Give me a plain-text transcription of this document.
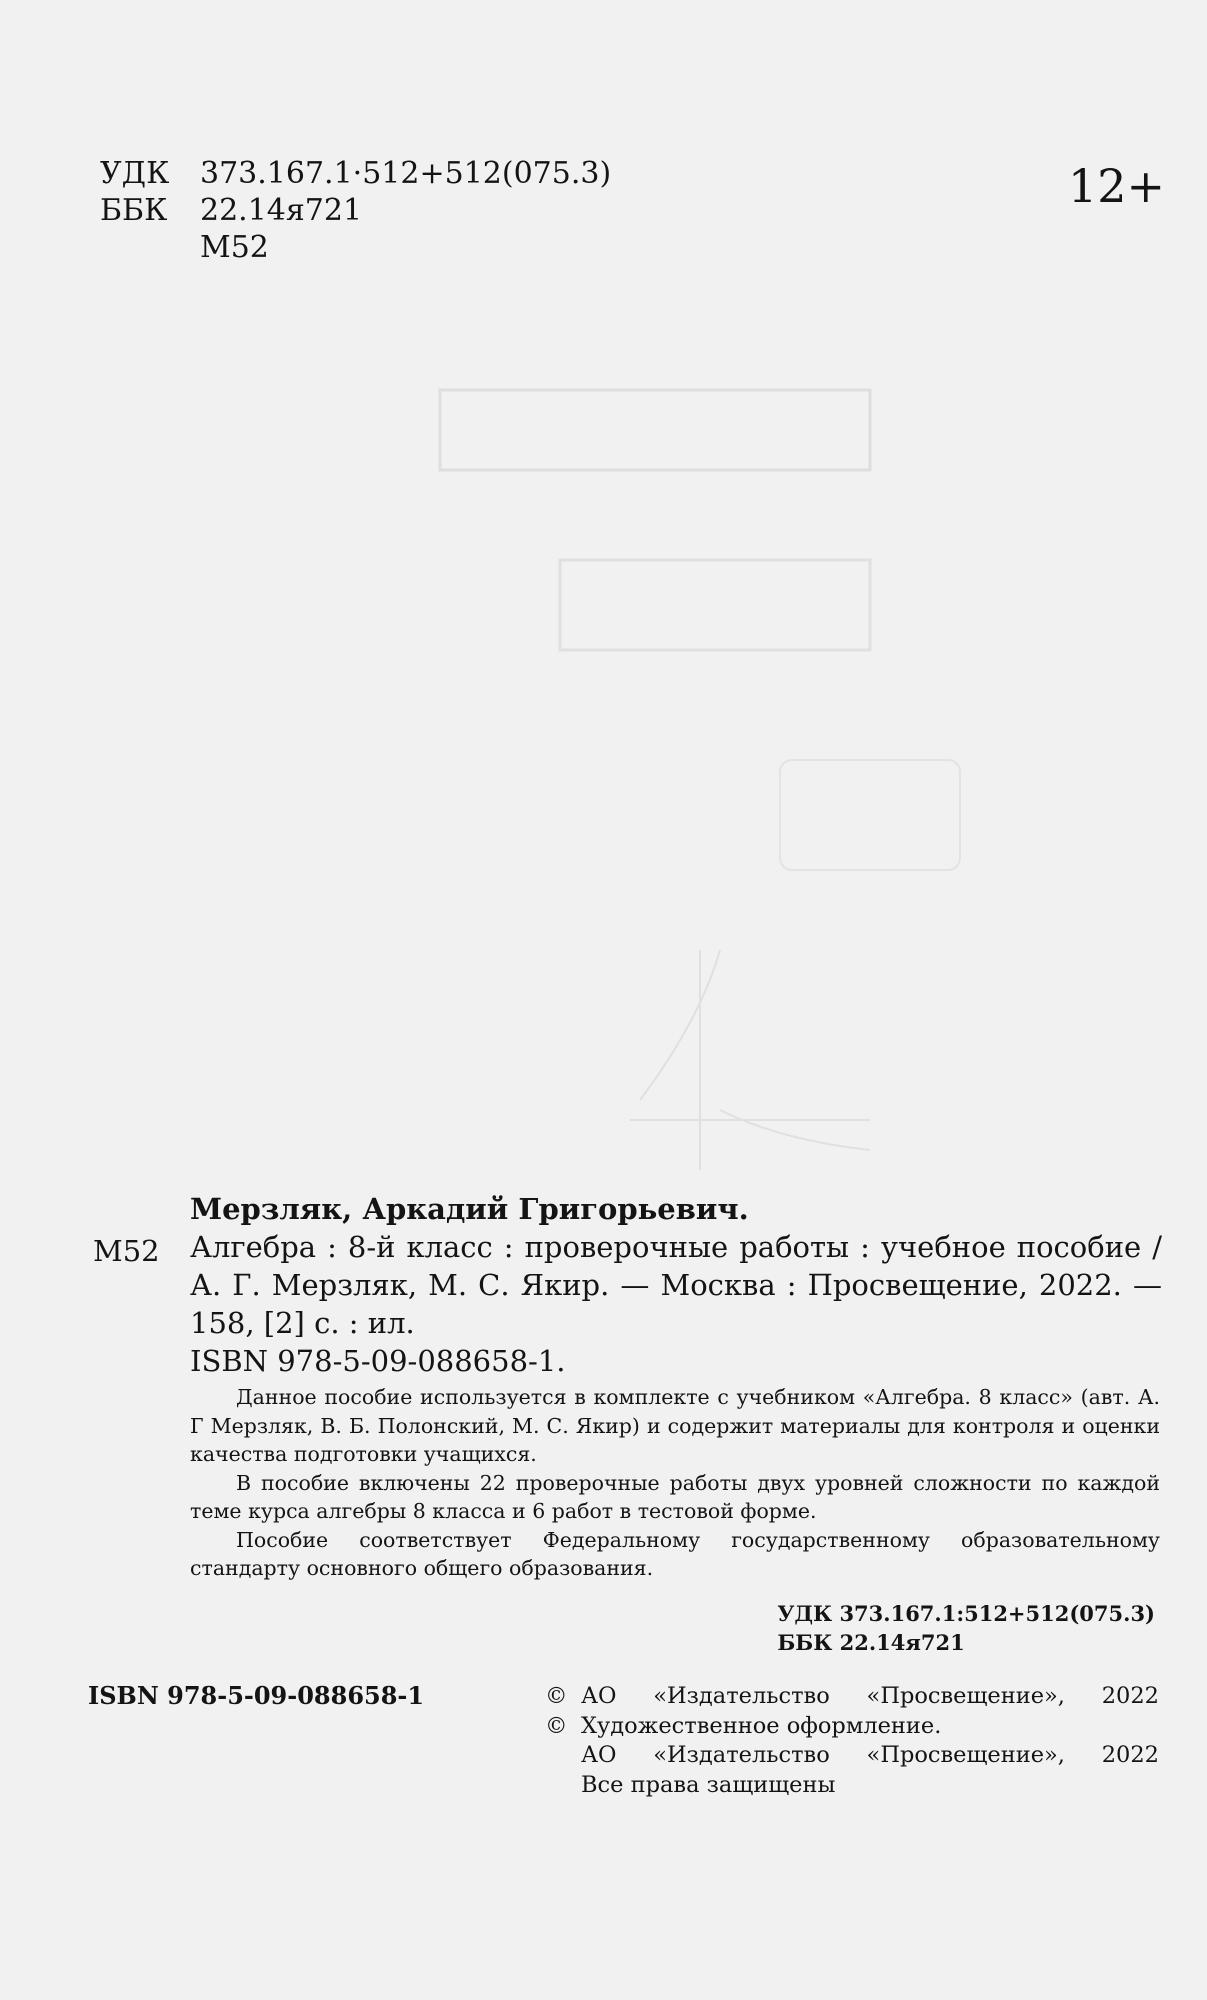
УДК	373.167.1·512+512(075.3)
ББК	22.14я721
М52
12+
М52
Мерзляк, Аркадий Григорьевич.
Алгебра : 8-й класс : проверочные работы : учебное пособие / А. Г. Мерзляк, М. С. Якир. — Москва : Просвещение, 2022. — 158, [2] с. : ил.
ISBN 978-5-09-088658-1.

Данное пособие используется в комплекте с учебником «Алгебра. 8 класс» (авт. А. Г Мерзляк, В. Б. Полонский, М. С. Якир) и содержит материалы для контроля и оценки качества подготовки учащихся.

В пособие включены 22 проверочные работы двух уровней сложности по каждой теме курса алгебры 8 класса и 6 работ в тестовой форме.

Пособие соответствует Федеральному государственному образовательному стандарту основного общего образования.

УДК 373.167.1:512+512(075.3)
ББК 22.14я721
ISBN 978-5-09-088658-1	© АО «Издательство «Просвещение», 2022
© Художественное оформление.
АО «Издательство «Просвещение», 2022
Все права защищены
